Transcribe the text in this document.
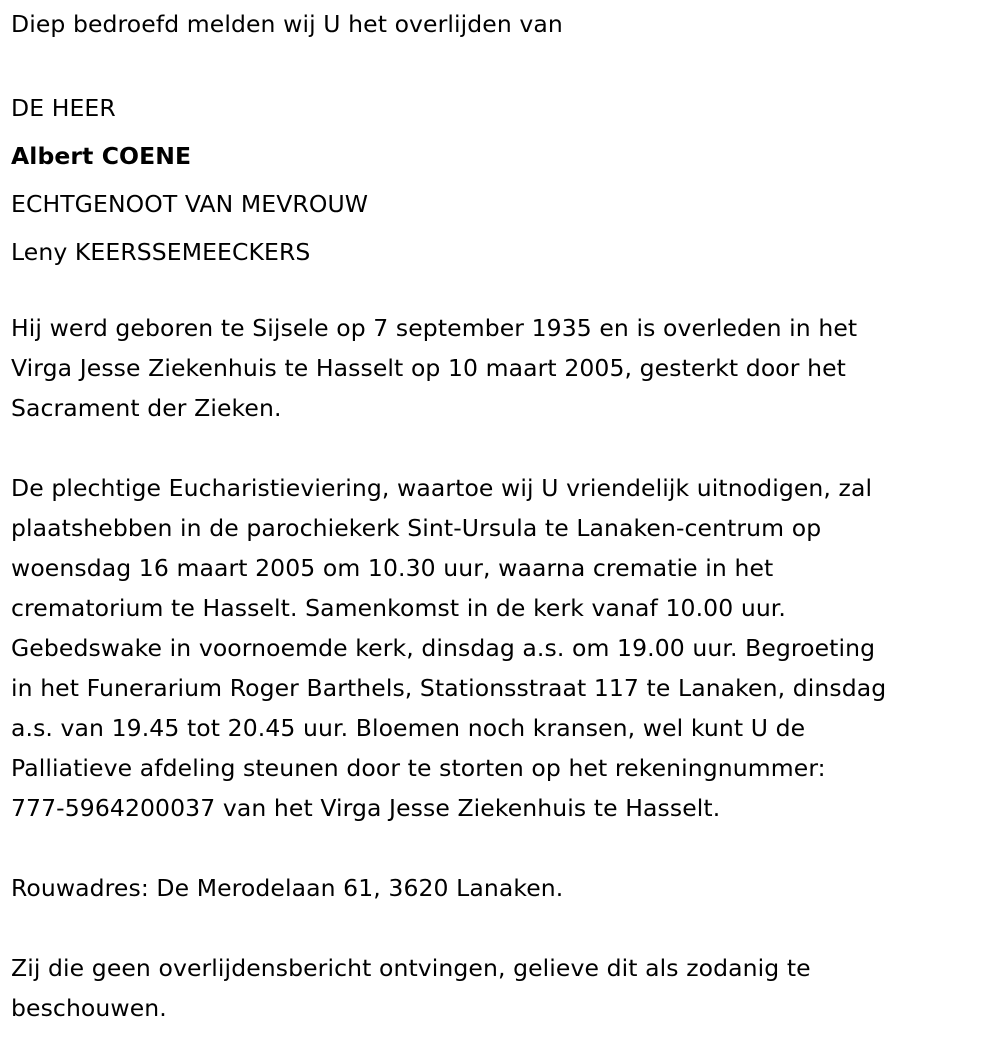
Diep bedroefd melden wij U het overlijden van
DE HEER
Albert COENE
ECHTGENOOT VAN MEVROUW
Leny KEERSSEMEECKERS
Hij werd geboren te Sijsele op 7 september 1935 en is overleden in het
Virga Jesse Ziekenhuis te Hasselt op 10 maart 2005, gesterkt door het
Sacrament der Zieken.
De plechtige Eucharistieviering, waartoe wij U vriendelijk uitnodigen, zal
plaatshebben in de parochiekerk Sint-Ursula te Lanaken-centrum op
woensdag 16 maart 2005 om 10.30 uur, waarna crematie in het
crematorium te Hasselt. Samenkomst in de kerk vanaf 10.00 uur.
Gebedswake in voornoemde kerk, dinsdag a.s. om 19.00 uur. Begroeting
in het Funerarium Roger Barthels, Stationsstraat 117 te Lanaken, dinsdag
a.s. van 19.45 tot 20.45 uur. Bloemen noch kransen, wel kunt U de
Palliatieve afdeling steunen door te storten op het rekeningnummer:
777-5964200037 van het Virga Jesse Ziekenhuis te Hasselt.
Rouwadres: De Merodelaan 61, 3620 Lanaken.
Zij die geen overlijdensbericht ontvingen, gelieve dit als zodanig te
beschouwen.
